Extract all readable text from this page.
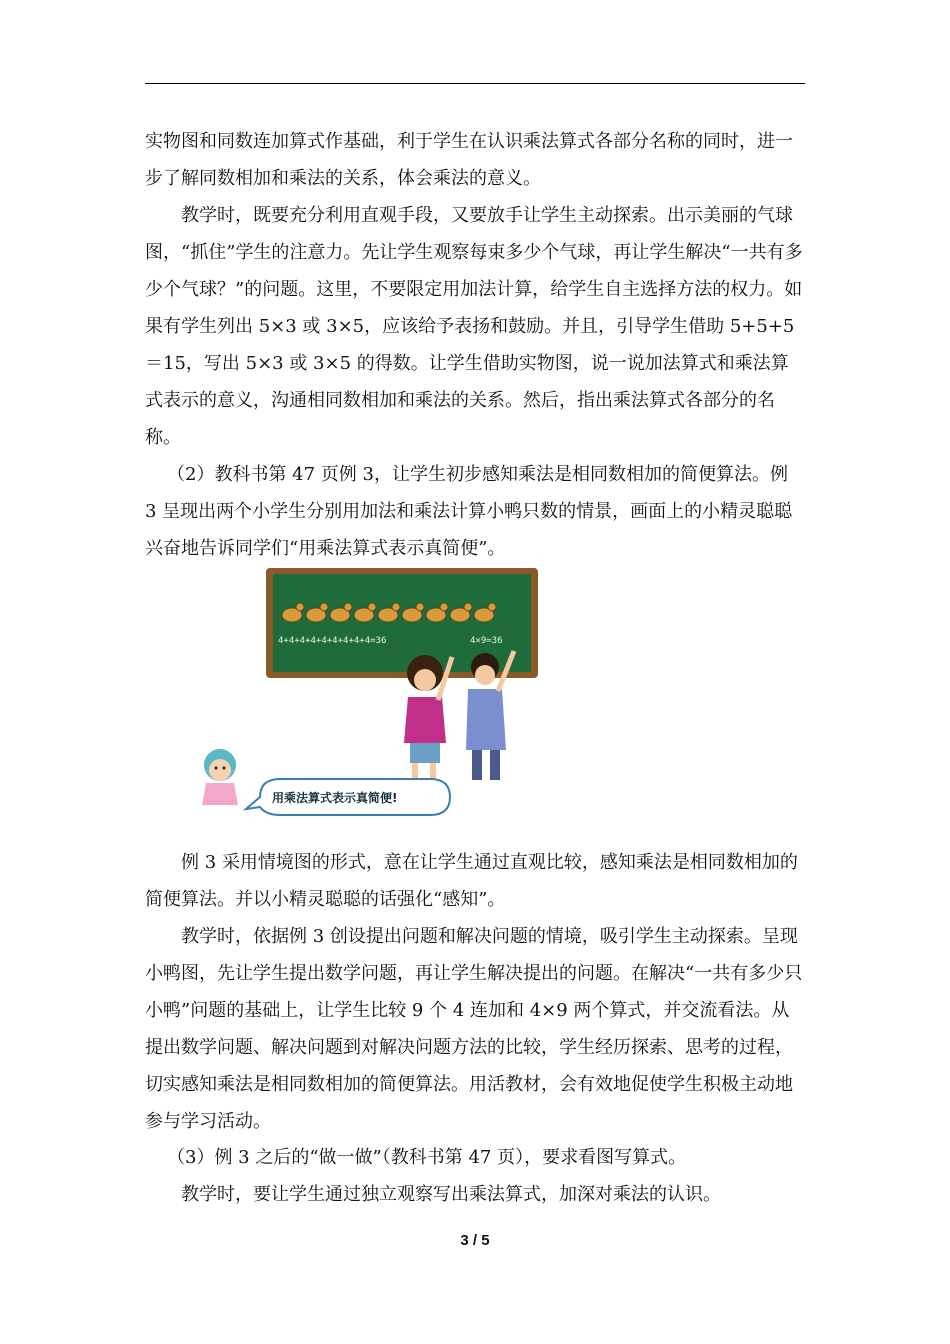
实物图和同数连加算式作基础，利于学生在认识乘法算式各部分名称的同时，进一步了解同数相加和乘法的关系，体会乘法的意义。

教学时，既要充分利用直观手段，又要放手让学生主动探索。出示美丽的气球图，“抓住”学生的注意力。先让学生观察每束多少个气球，再让学生解决“一共有多少个气球？”的问题。这里，不要限定用加法计算，给学生自主选择方法的权力。如果有学生列出 5×3 或 3×5，应该给予表扬和鼓励。并且，引导学生借助 5+5+5＝15，写出 5×3 或 3×5 的得数。让学生借助实物图，说一说加法算式和乘法算式表示的意义，沟通相同数相加和乘法的关系。然后，指出乘法算式各部分的名称。

（2）教科书第 47 页例 3，让学生初步感知乘法是相同数相加的简便算法。例 3 呈现出两个小学生分别用加法和乘法计算小鸭只数的情景，画面上的小精灵聪聪兴奋地告诉同学们“用乘法算式表示真简便”。

4+4+4+4+4+4+4+4+4=36	4×9=36
用乘法算式表示真简便!

例 3 采用情境图的形式，意在让学生通过直观比较，感知乘法是相同数相加的简便算法。并以小精灵聪聪的话强化“感知”。

教学时，依据例 3 创设提出问题和解决问题的情境，吸引学生主动探索。呈现小鸭图，先让学生提出数学问题，再让学生解决提出的问题。在解决“一共有多少只小鸭”问题的基础上，让学生比较 9 个 4 连加和 4×9 两个算式，并交流看法。从提出数学问题、解决问题到对解决问题方法的比较，学生经历探索、思考的过程，切实感知乘法是相同数相加的简便算法。用活教材，会有效地促使学生积极主动地参与学习活动。

（3）例 3 之后的“做一做”（教科书第 47 页），要求看图写算式。

教学时，要让学生通过独立观察写出乘法算式，加深对乘法的认识。

3 / 5
